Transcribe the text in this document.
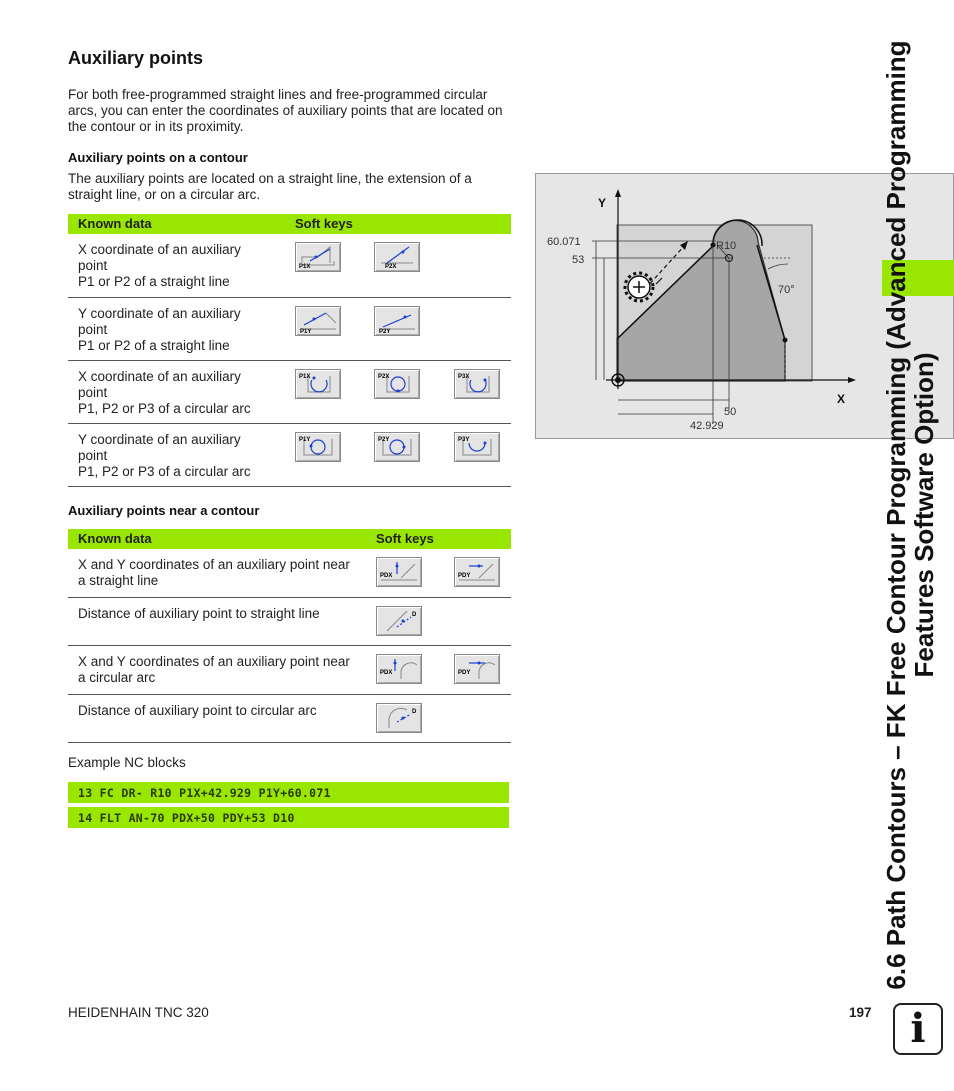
Auxiliary points
For both free-programmed straight lines and free-programmed circular arcs, you can enter the coordinates of auxiliary points that are located on the contour or in its proximity.
Auxiliary points on a contour
The auxiliary points are located on a straight line, the extension of a straight line, or on a circular arc.
Known data	Soft keys
X coordinate of an auxiliary
point
P1 or P2 of a straight line
P1X	P2X
Y coordinate of an auxiliary
point
P1 or P2 of a straight line
P1Y	P2Y
X coordinate of an auxiliary
point
P1, P2 or P3 of a circular arc
P1X	P2X	P3X
Y coordinate of an auxiliary
point
P1, P2 or P3 of a circular arc
P1Y	P2Y	P3Y
Auxiliary points near a contour
Known data	Soft keys
X and Y coordinates of an auxiliary point near
a straight line	PDX	PDY
Distance of auxiliary point to straight line	D
X and Y coordinates of an auxiliary point near
a circular arc	PDX	PDY
Distance of auxiliary point to circular arc	D
Example NC blocks
13 FC DR- R10 P1X+42.929 P1Y+60.071
14 FLT AN-70 PDX+50 PDY+53 D10
Y
X
60.071
53
R10
70°
50
42.929	6.6 Path Contours – FK Free Contour Programming (Advanced Programming
Features Software Option)
HEIDENHAIN TNC 320	197 i
